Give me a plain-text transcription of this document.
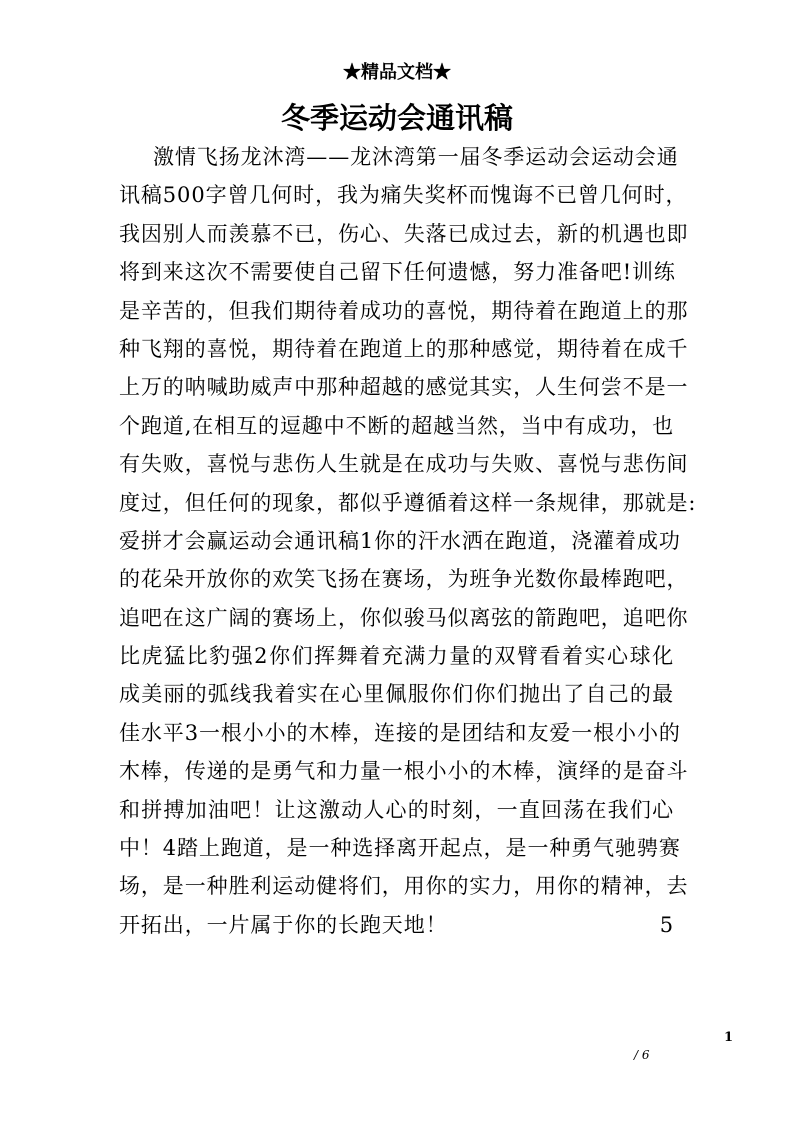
★精品文档★
冬季运动会通讯稿
激情飞扬龙沐湾——龙沐湾第一届冬季运动会运动会通
讯稿500字曾几何时，我为痛失奖杯而愧诲不已曾几何时，
我因别人而羡慕不已，伤心、失落已成过去，新的机遇也即
将到来这次不需要使自己留下任何遗憾，努力准备吧!训练
是辛苦的，但我们期待着成功的喜悦，期待着在跑道上的那
种飞翔的喜悦，期待着在跑道上的那种感觉，期待着在成千
上万的呐喊助威声中那种超越的感觉其实，人生何尝不是一
个跑道,在相互的逗趣中不断的超越当然，当中有成功，也
有失败，喜悦与悲伤人生就是在成功与失败、喜悦与悲伤间
度过，但任何的现象，都似乎遵循着这样一条规律，那就是:
爱拼才会赢运动会通讯稿1你的汗水洒在跑道，浇灌着成功
的花朵开放你的欢笑飞扬在赛场，为班争光数你最棒跑吧，
追吧在这广阔的赛场上，你似骏马似离弦的箭跑吧，追吧你
比虎猛比豹强2你们挥舞着充满力量的双臂看着实心球化
成美丽的弧线我着实在心里佩服你们你们抛出了自己的最
佳水平3一根小小的木棒，连接的是团结和友爱一根小小的
木棒，传递的是勇气和力量一根小小的木棒，演绎的是奋斗
和拼搏加油吧！让这激动人心的时刻，一直回荡在我们心
中！4踏上跑道，是一种选择离开起点，是一种勇气驰骋赛
场，是一种胜利运动健将们，用你的实力，用你的精神，去
开拓出，一片属于你的长跑天地！	5
1
/ 6
